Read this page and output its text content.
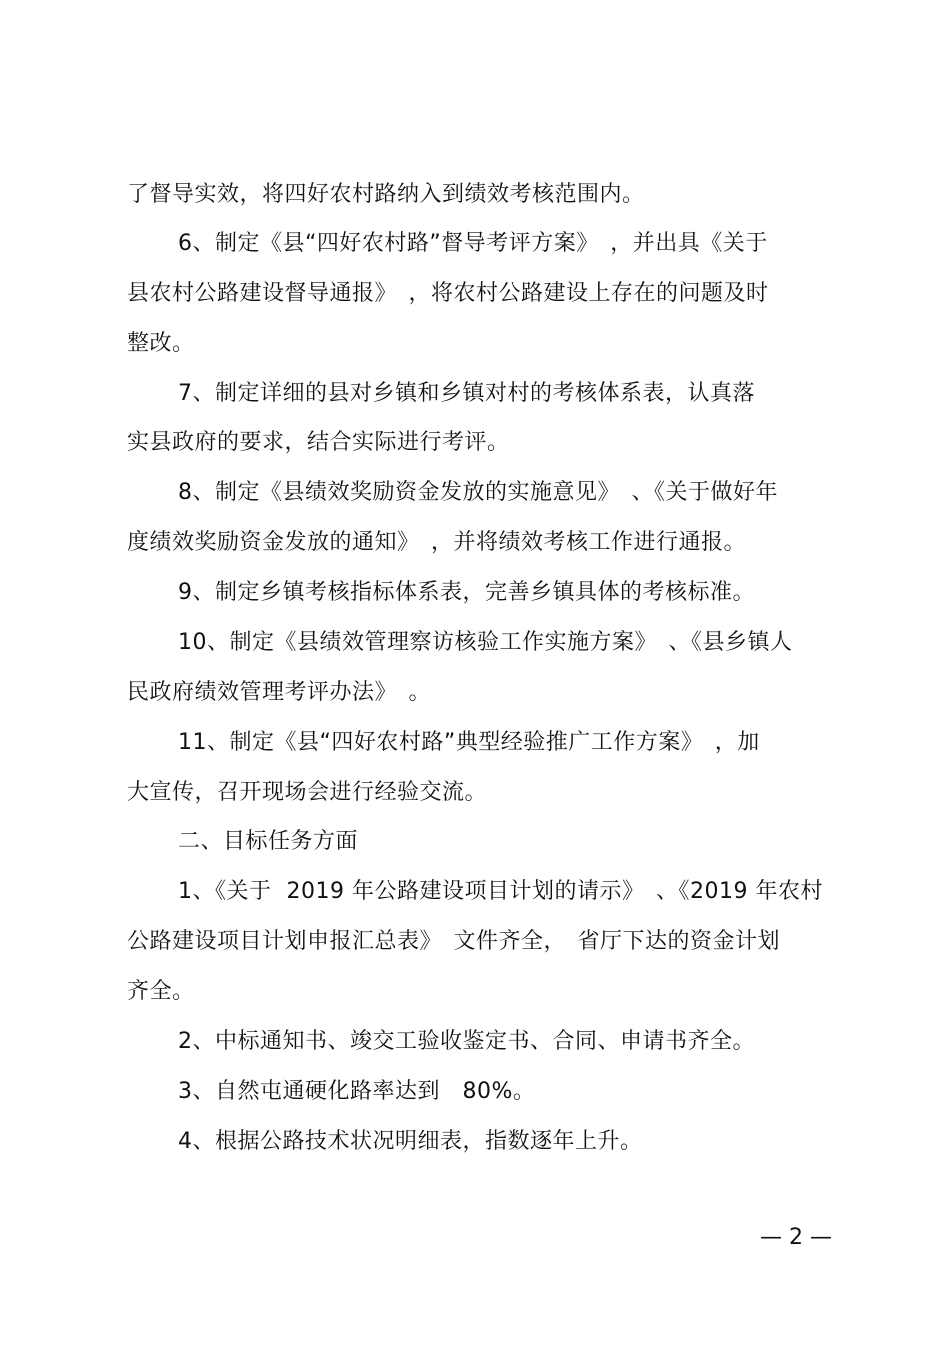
了督导实效，将四好农村路纳入到绩效考核范围内。
6、制定《县“四好农村路”督导考评方案》　，并出具《关于
县农村公路建设督导通报》　，将农村公路建设上存在的问题及时
整改。
7、制定详细的县对乡镇和乡镇对村的考核体系表，认真落
实县政府的要求，结合实际进行考评。
8、制定《县绩效奖励资金发放的实施意见》　、《关于做好年
度绩效奖励资金发放的通知》　，并将绩效考核工作进行通报。
9、制定乡镇考核指标体系表，完善乡镇具体的考核标准。
10、制定《县绩效管理察访核验工作实施方案》　、《县乡镇人
民政府绩效管理考评办法》　。
11、制定《县“四好农村路”典型经验推广工作方案》　，加
大宣传，召开现场会进行经验交流。
二、目标任务方面
1、《关于  2019 年公路建设项目计划的请示》　、《2019 年农村
公路建设项目计划申报汇总表》　文件齐全，　省厅下达的资金计划
齐全。
2、中标通知书、竣交工验收鉴定书、合同、申请书齐全。
3、自然屯通硬化路率达到　80%。
4、根据公路技术状况明细表，指数逐年上升。
— 2 —
